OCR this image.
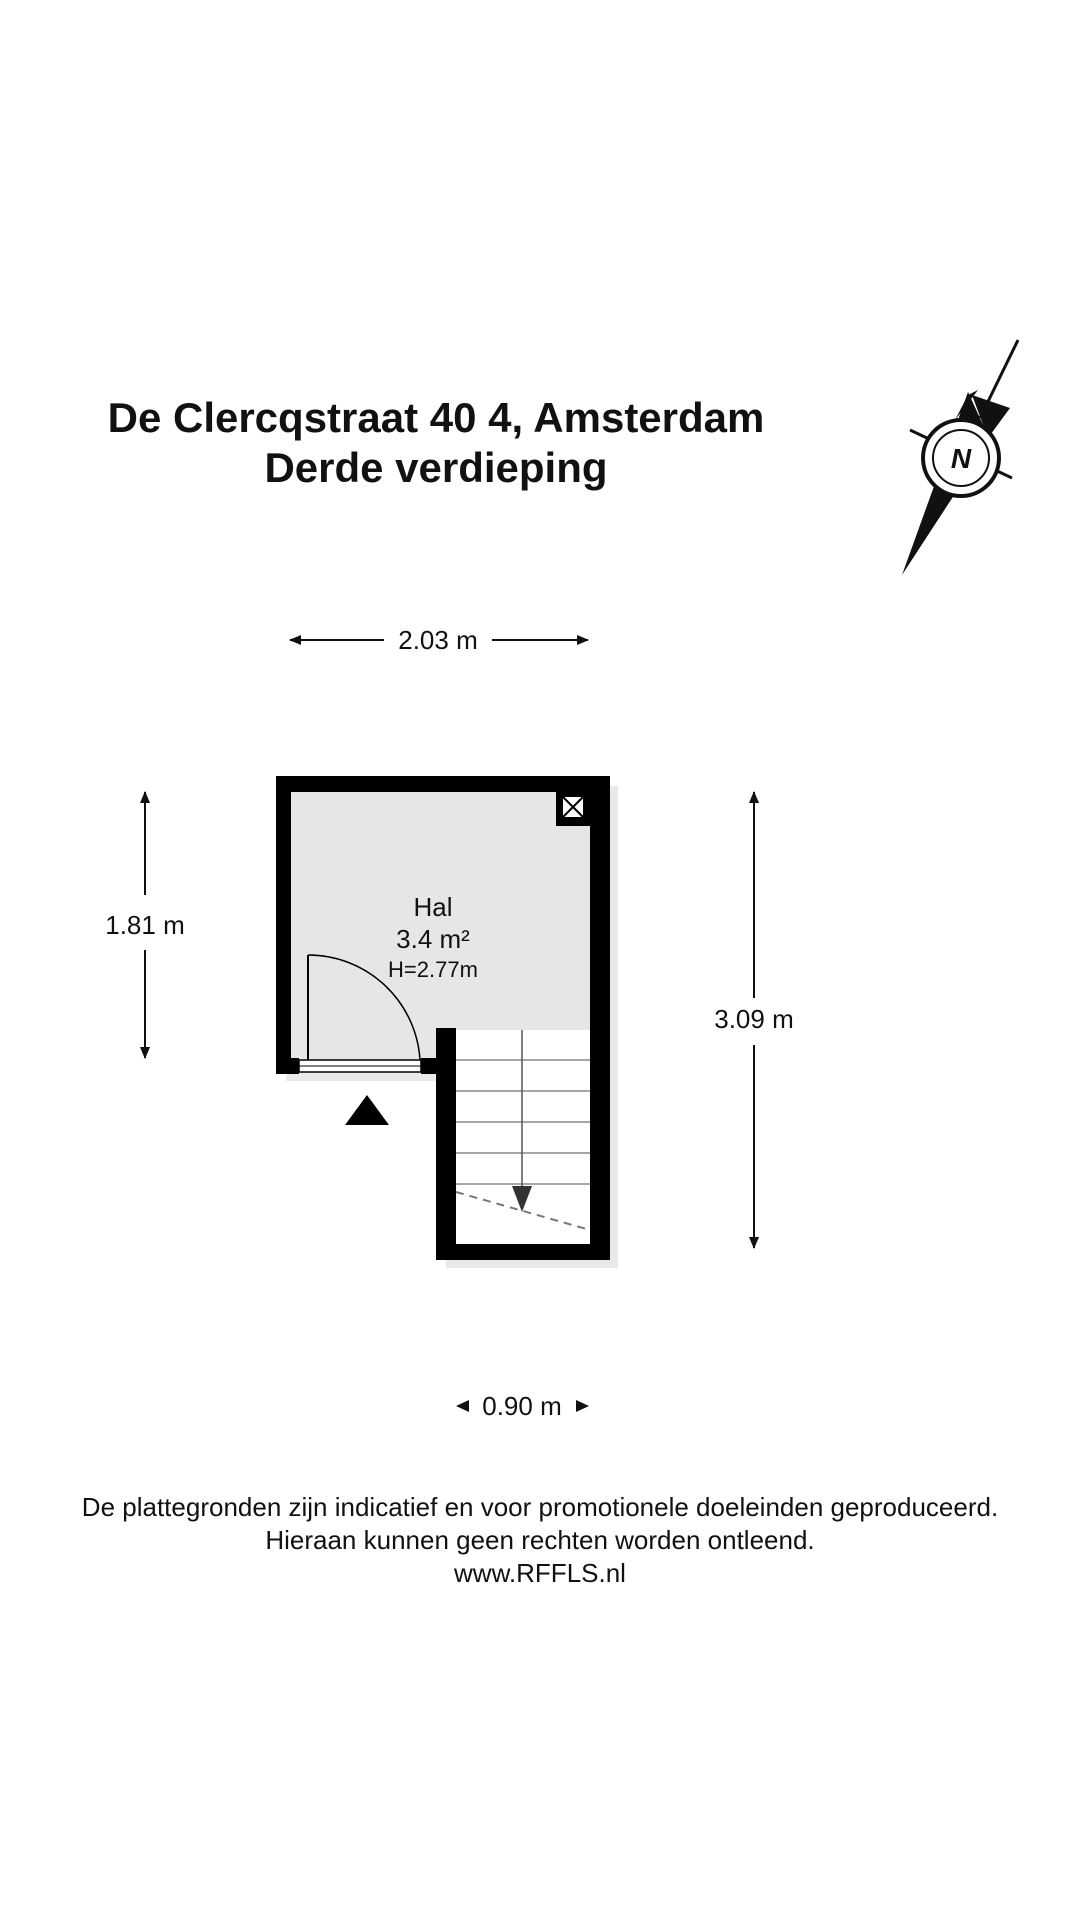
De Clercqstraat 40 4, Amsterdam
Derde verdieping	N
2.03 m
1.81 m
3.09 m
Hal
3.4 m²
H=2.77m
0.90 m
De plattegronden zijn indicatief en voor promotionele doeleinden geproduceerd.
Hieraan kunnen geen rechten worden ontleend.
www.RFFLS.nl
